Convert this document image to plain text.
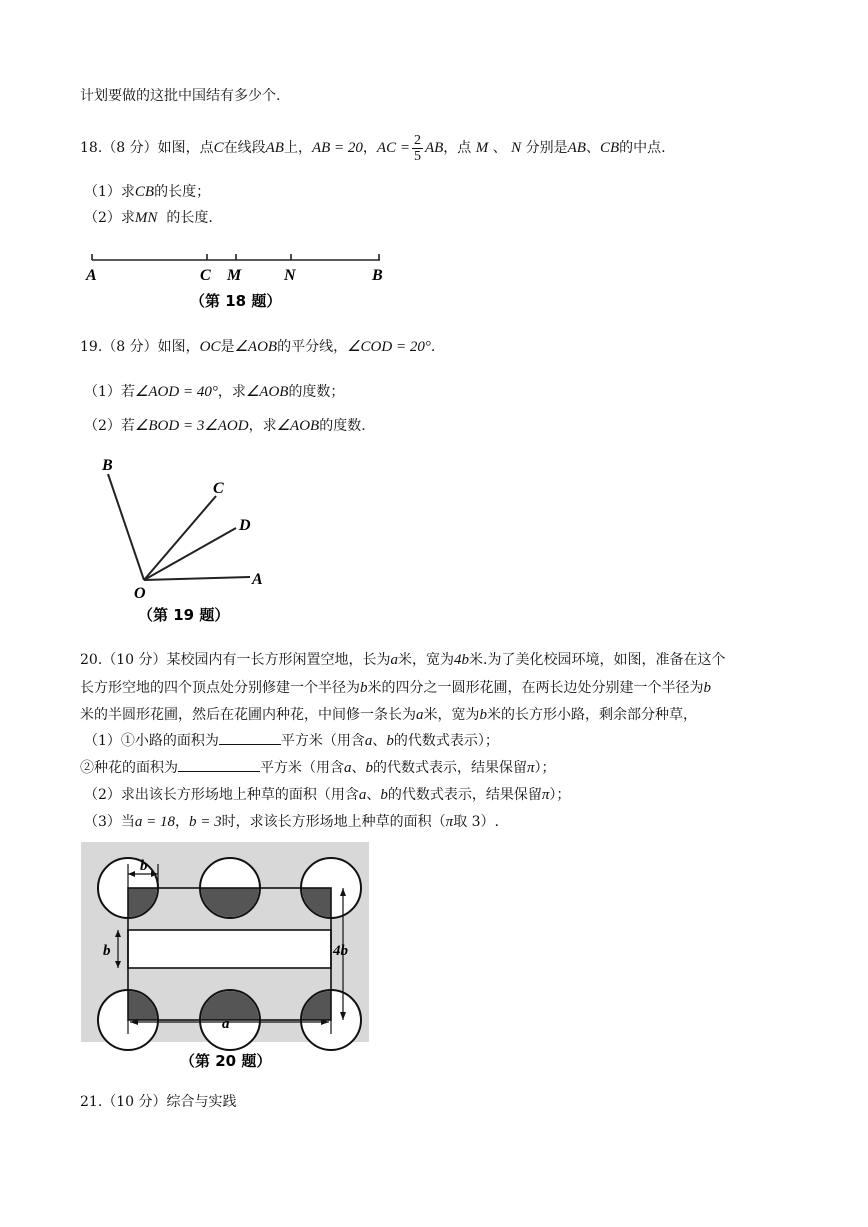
计划要做的这批中国结有多少个.
18.（8 分）如图，点C在线段AB上，AB = 20，AC = $\frac{2}{5}$ AB，点 M 、 N 分别是AB、CB的中点.
（1）求CB的长度；
（2）求MN 的长度.
A	C M	N	B
（第 18 题）
19.（8 分）如图，OC是∠AOB的平分线，∠COD = 20°.
（1）若∠AOD = 40°，求∠AOB的度数；
（2）若∠BOD = 3∠AOD，求∠AOB的度数.
B
C
D
O
A
（第 19 题）
20.（10 分）某校园内有一长方形闲置空地，长为a米，宽为4b米.为了美化校园环境，如图，准备在这个
长方形空地的四个顶点处分别修建一个半径为b米的四分之一圆形花圃，在两长边处分别建一个半径为b
米的半圆形花圃，然后在花圃内种花，中间修一条长为a米，宽为b米的长方形小路，剩余部分种草，
（1）①小路的面积为	平方米（用含a、b的代数式表示）；
②种花的面积为	平方米（用含a、b的代数式表示，结果保留π）；
（2）求出该长方形场地上种草的面积（用含a、b的代数式表示，结果保留π）；
（3）当a = 18，b = 3时，求该长方形场地上种草的面积（π取 3）.
b
b	4b
a
（第 20 题）
21.（10 分）综合与实践
